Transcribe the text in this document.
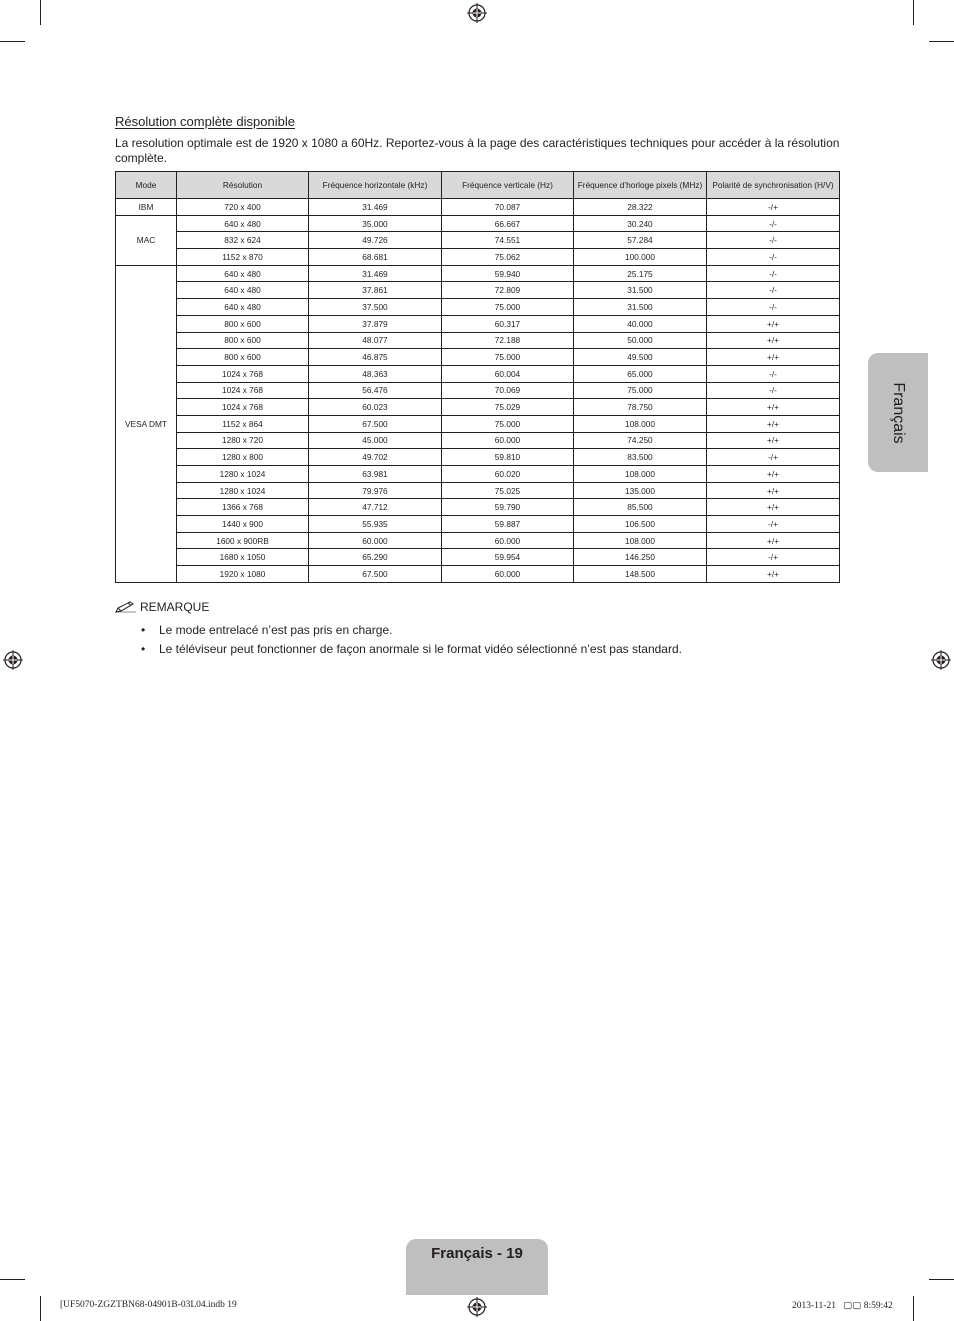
Résolution complète disponible
La resolution optimale est de 1920 x 1080 a 60Hz. Reportez-vous à la page des caractéristiques techniques pour accéder à la résolution complète.
Mode	Résolution	Fréquence horizontale (kHz)	Fréquence verticale (Hz)	Fréquence d’horloge pixels (MHz)	Polarité de synchronisation (H/V)
IBM	720 x 400	31.469	70.087	28.322	-/+
MAC	640 x 480	35.000	66.667	30.240	-/-
	832 x 624	49.726	74.551	57.284	-/-
	1152 x 870	68.681	75.062	100.000	-/-
VESA DMT	640 x 480	31.469	59.940	25.175	-/-
	640 x 480	37.861	72.809	31.500	-/-
	640 x 480	37.500	75.000	31.500	-/-
	800 x 600	37.879	60.317	40.000	+/+
	800 x 600	48.077	72.188	50.000	+/+
	800 x 600	46.875	75.000	49.500	+/+
	1024 x 768	48.363	60.004	65.000	-/-
	1024 x 768	56.476	70.069	75.000	-/-
	1024 x 768	60.023	75.029	78.750	+/+
	1152 x 864	67.500	75.000	108.000	+/+
	1280 x 720	45.000	60.000	74.250	+/+
	1280 x 800	49.702	59.810	83.500	-/+
	1280 x 1024	63.981	60.020	108.000	+/+
	1280 x 1024	79.976	75.025	135.000	+/+
	1366 x 768	47.712	59.790	85.500	+/+
	1440 x 900	55.935	59.887	106.500	-/+
	1600 x 900RB	60.000	60.000	108.000	+/+
	1680 x 1050	65.290	59.954	146.250	-/+
	1920 x 1080	67.500	60.000	148.500	+/+
REMARQUE
•	Le mode entrelacé n’est pas pris en charge.
•	Le téléviseur peut fonctionner de façon anormale si le format vidéo sélectionné n’est pas standard.
Français
Français - 19
[UF5070-ZGZTBN68-04901B-03L04.indb 19	2013-11-21 ▢▢ 8:59:42
